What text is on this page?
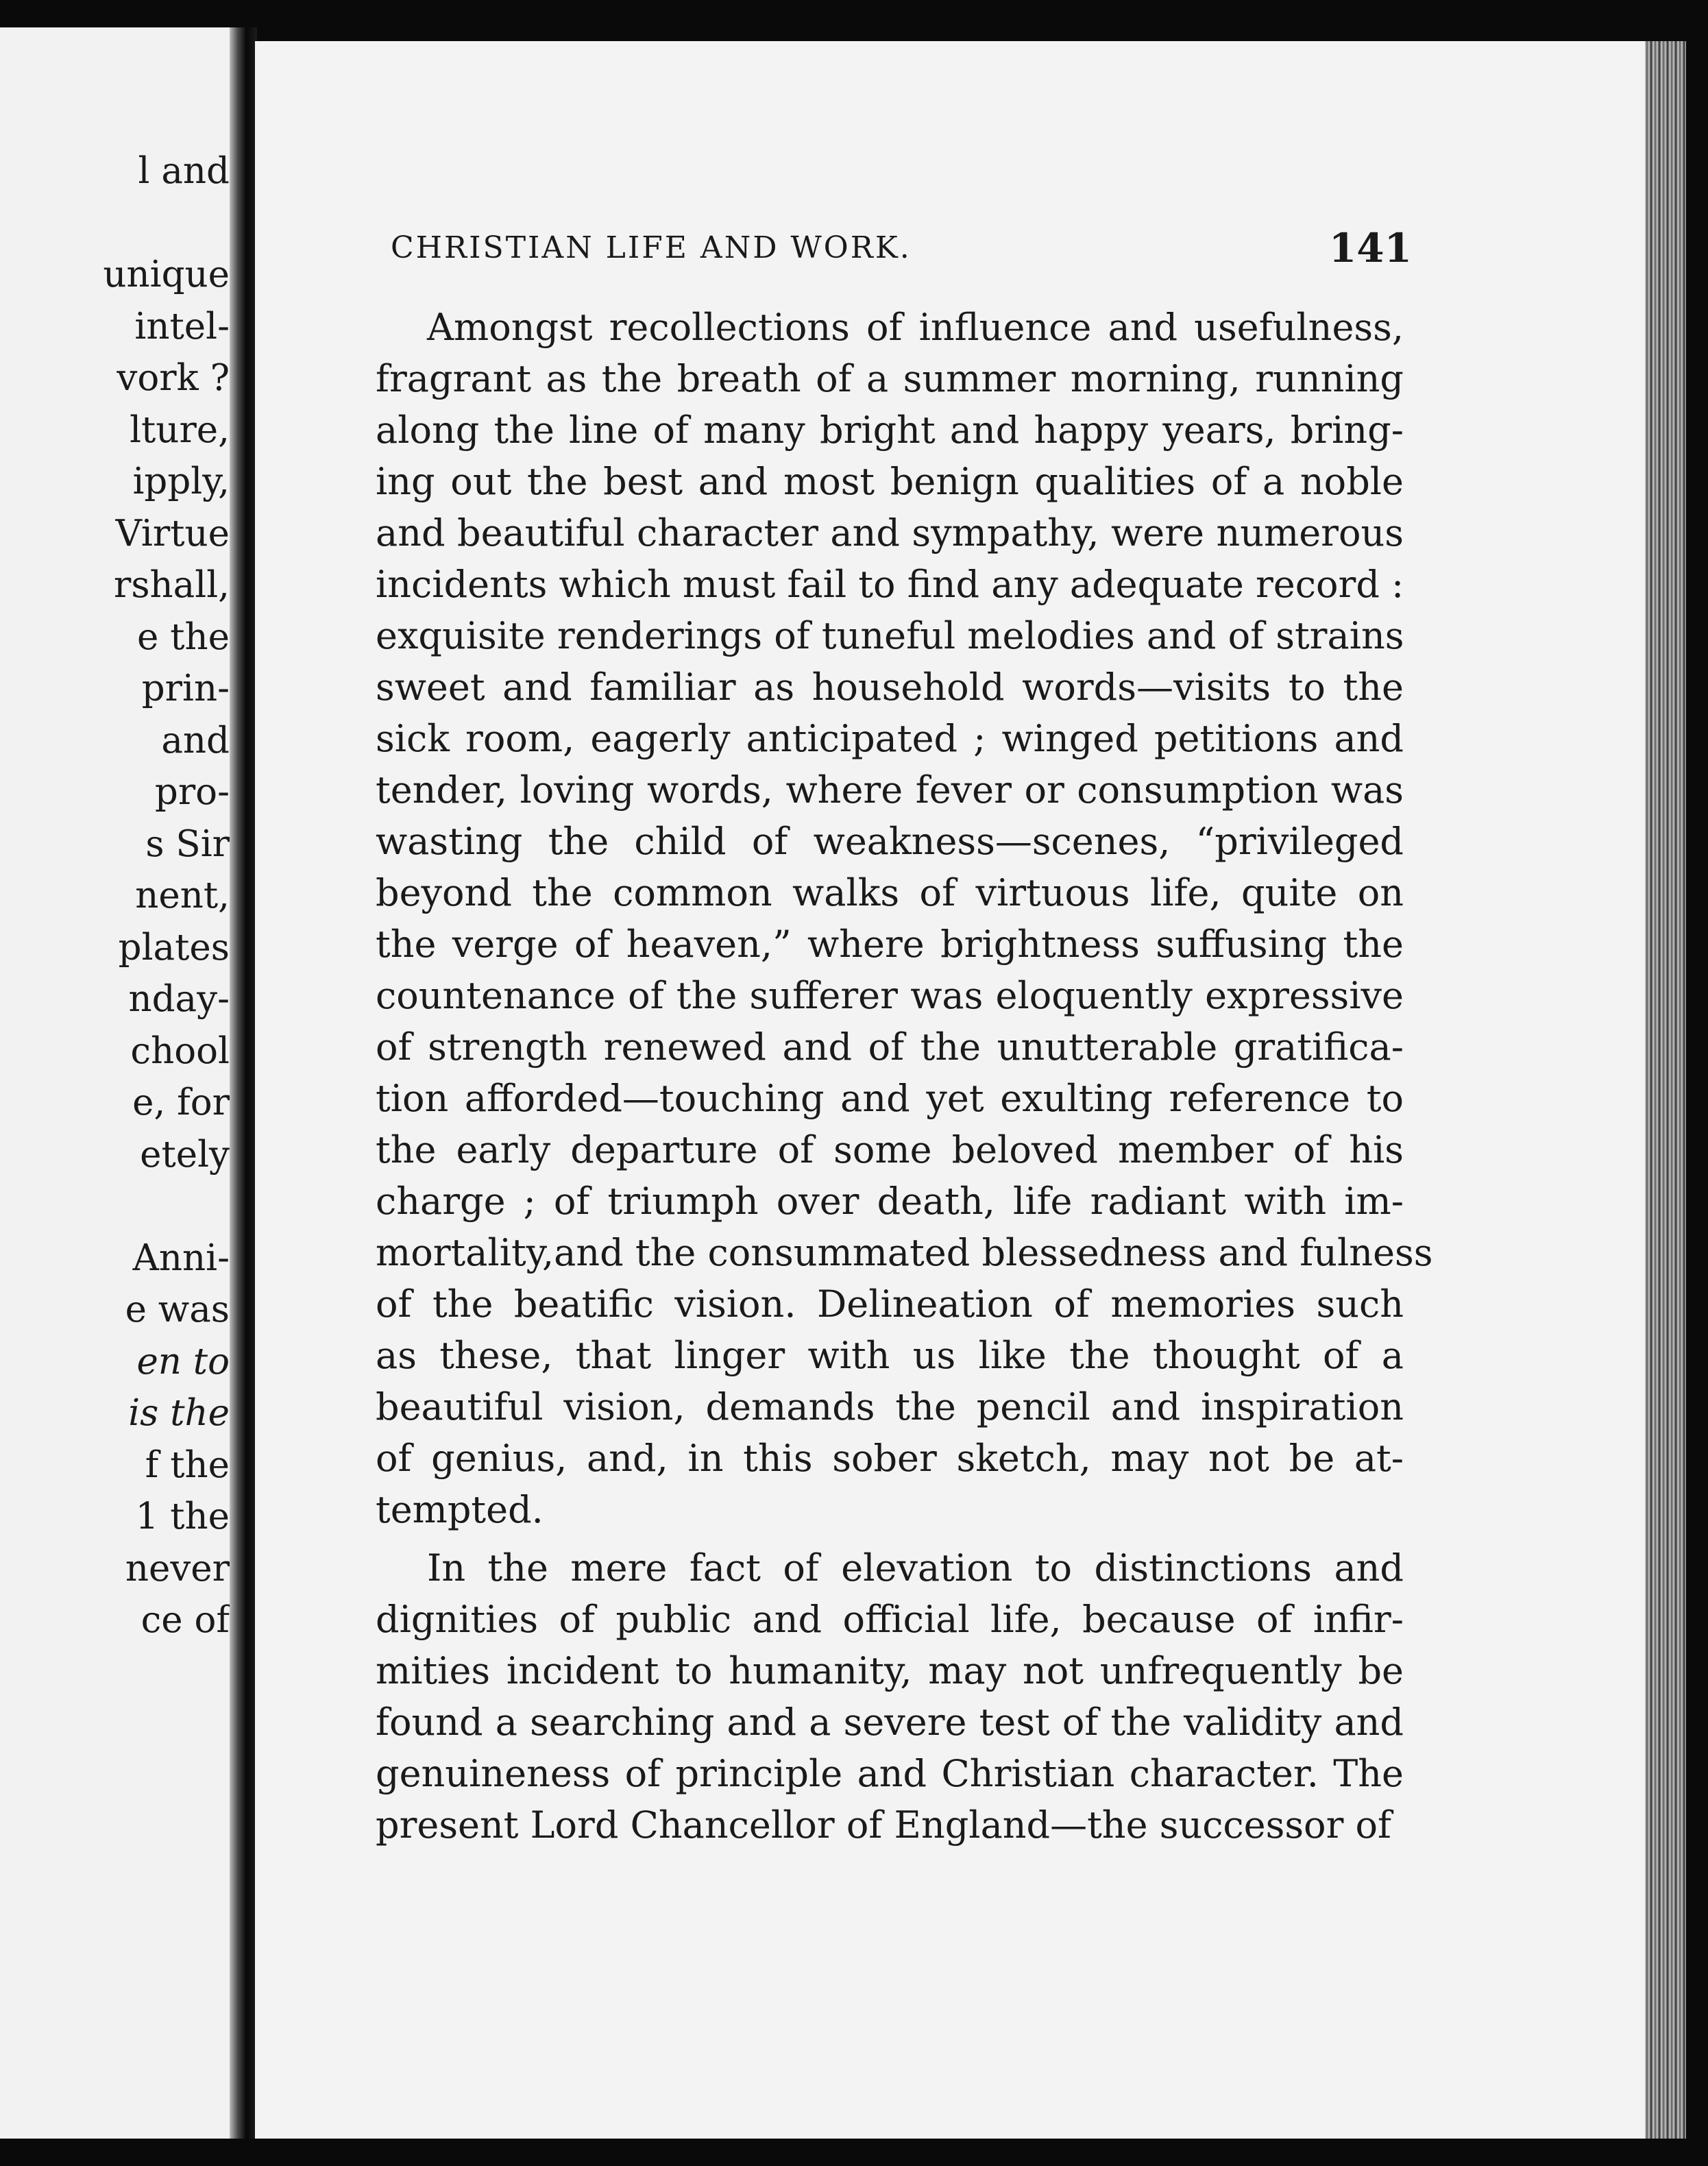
l and
unique
intel-
vork ?
lture,
ipply,
Virtue
rshall,
e the
prin-
and
pro-
s Sir
nent,
plates
nday-
chool
e, for
etely
Anni-
e was
en to
is the
f the
1 the
never
ce of
CHRISTIAN LIFE AND WORK.	141
Amongst recollections of influence and usefulness,
fragrant as the breath of a summer morning, running
along the line of many bright and happy years, bring-
ing out the best and most benign qualities of a noble
and beautiful character and sympathy, were numerous
incidents which must fail to find any adequate record :
exquisite renderings of tuneful melodies and of strains
sweet and familiar as household words—visits to the
sick room, eagerly anticipated ; winged petitions and
tender, loving words, where fever or consumption was
wasting the child of weakness—scenes, “privileged
beyond the common walks of virtuous life, quite on
the verge of heaven,” where brightness suffusing the
countenance of the sufferer was eloquently expressive
of strength renewed and of the unutterable gratifica-
tion afforded—touching and yet exulting reference to
the early departure of some beloved member of his
charge ; of triumph over death, life radiant with im-
mortality,and the consummated blessedness and fulness
of the beatific vision. Delineation of memories such
as these, that linger with us like the thought of a
beautiful vision, demands the pencil and inspiration
of genius, and, in this sober sketch, may not be at-
tempted.
In the mere fact of elevation to distinctions and
dignities of public and official life, because of infir-
mities incident to humanity, may not unfrequently be
found a searching and a severe test of the validity and
genuineness of principle and Christian character. The
present Lord Chancellor of England—the successor of
